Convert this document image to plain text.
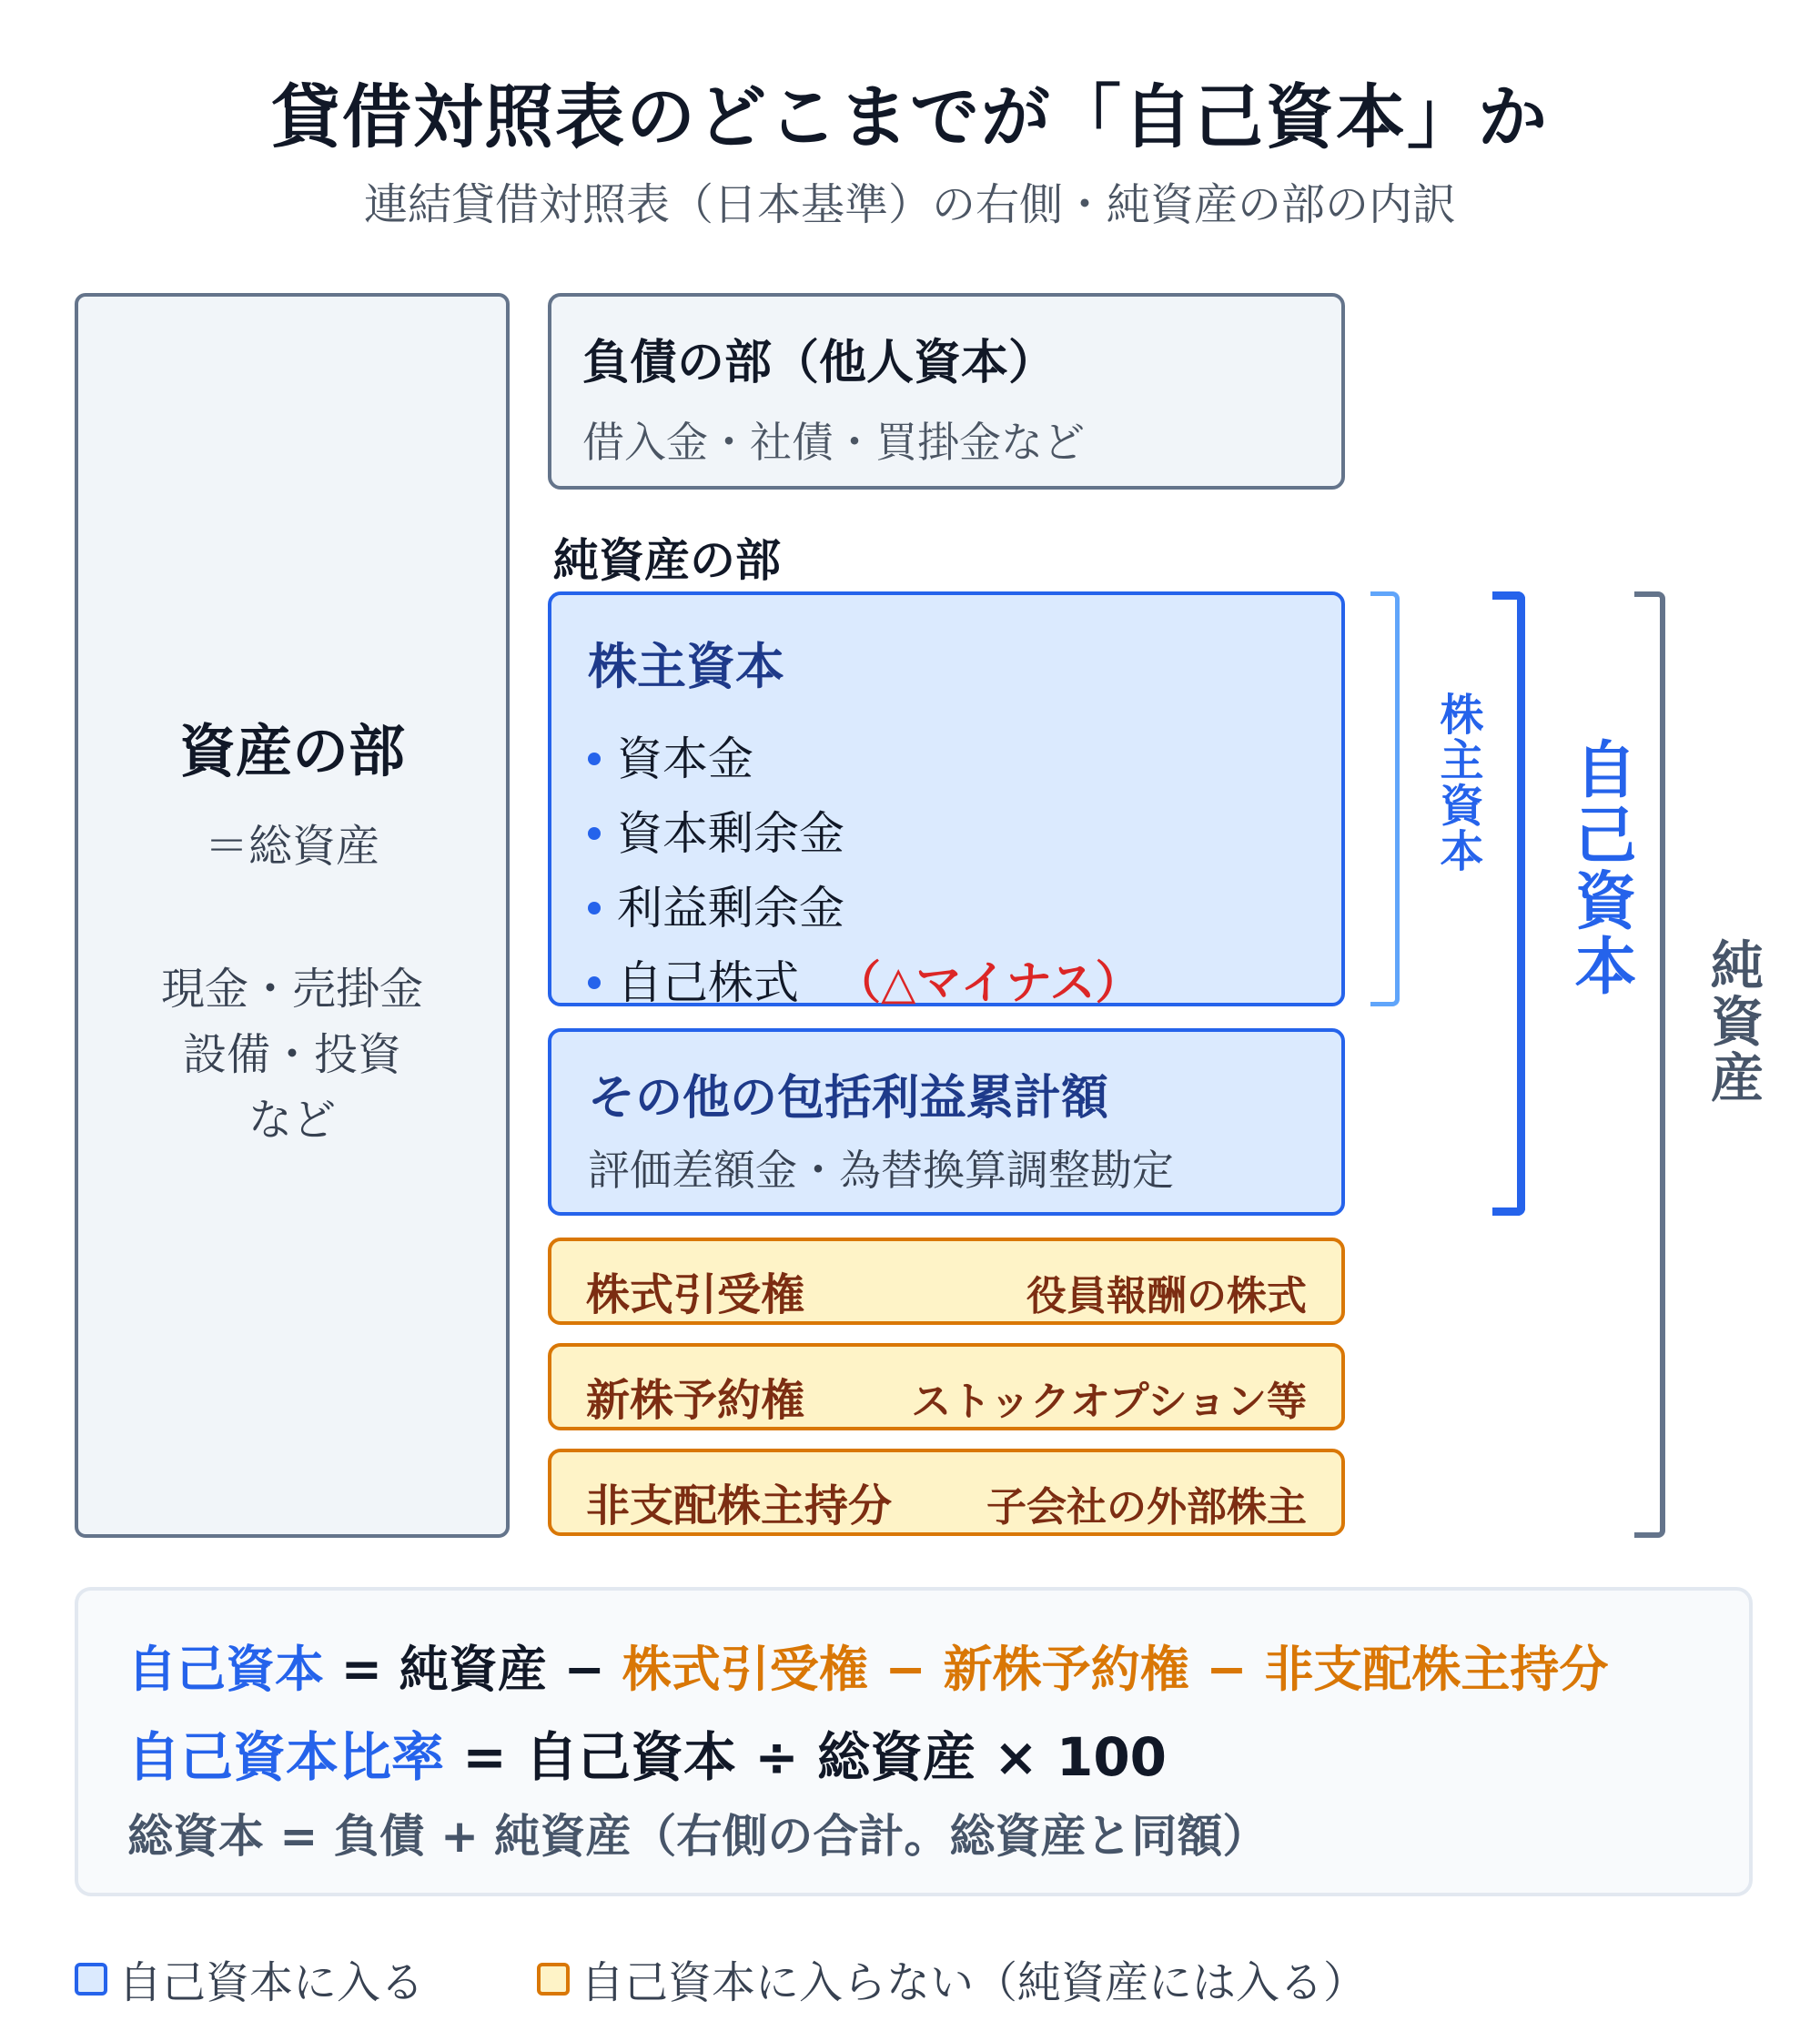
貸借対照表のどこまでが「自己資本」か
連結貸借対照表（日本基準）の右側・純資産の部の内訳
資産の部
＝総資産
現金・売掛金
設備・投資
など
負債の部（他人資本）
借入金・社債・買掛金など
純資産の部
株主資本
資本金
資本剰余金
利益剰余金
自己株式 （△マイナス）
その他の包括利益累計額
評価差額金・為替換算調整勘定
株式引受権	役員報酬の株式
新株予約権	ストックオプション等
非支配株主持分 子会社の外部株主
株主資本 自己資本
純資産
自己資本 = 純資産 − 株式引受権 − 新株予約権 − 非支配株主持分
自己資本比率 = 自己資本 ÷ 総資産 × 100
総資本 = 負債 + 純資産（右側の合計。総資産と同額）
自己資本に入る	自己資本に入らない（純資産には入る）
